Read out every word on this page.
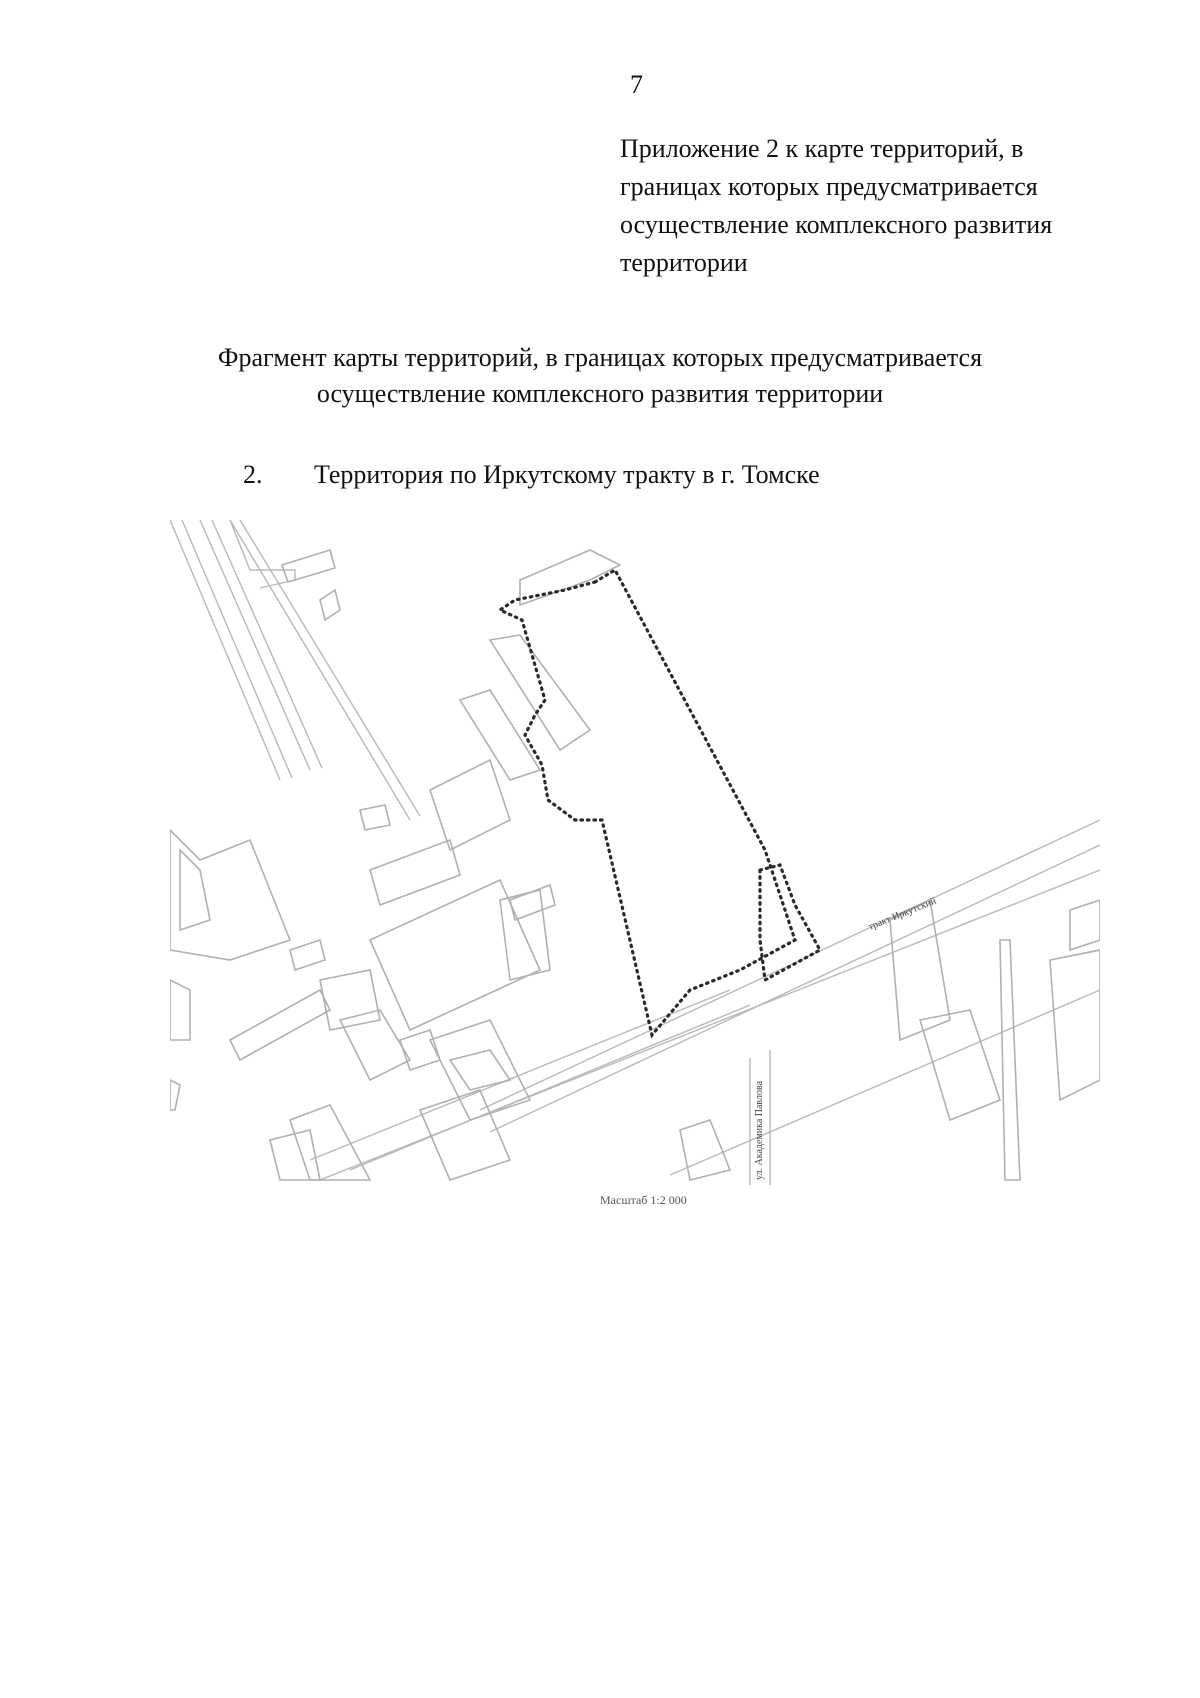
7
Приложение 2 к карте территорий, в
границах которых предусматривается
осуществление комплексного развития
территории
Фрагмент карты территорий, в границах которых предусматривается
осуществление комплексного развития территории
2. Территория по Иркутскому тракту в г. Томске
тракт Иркутский
ул. Академика Павлова
Масштаб 1:2 000
